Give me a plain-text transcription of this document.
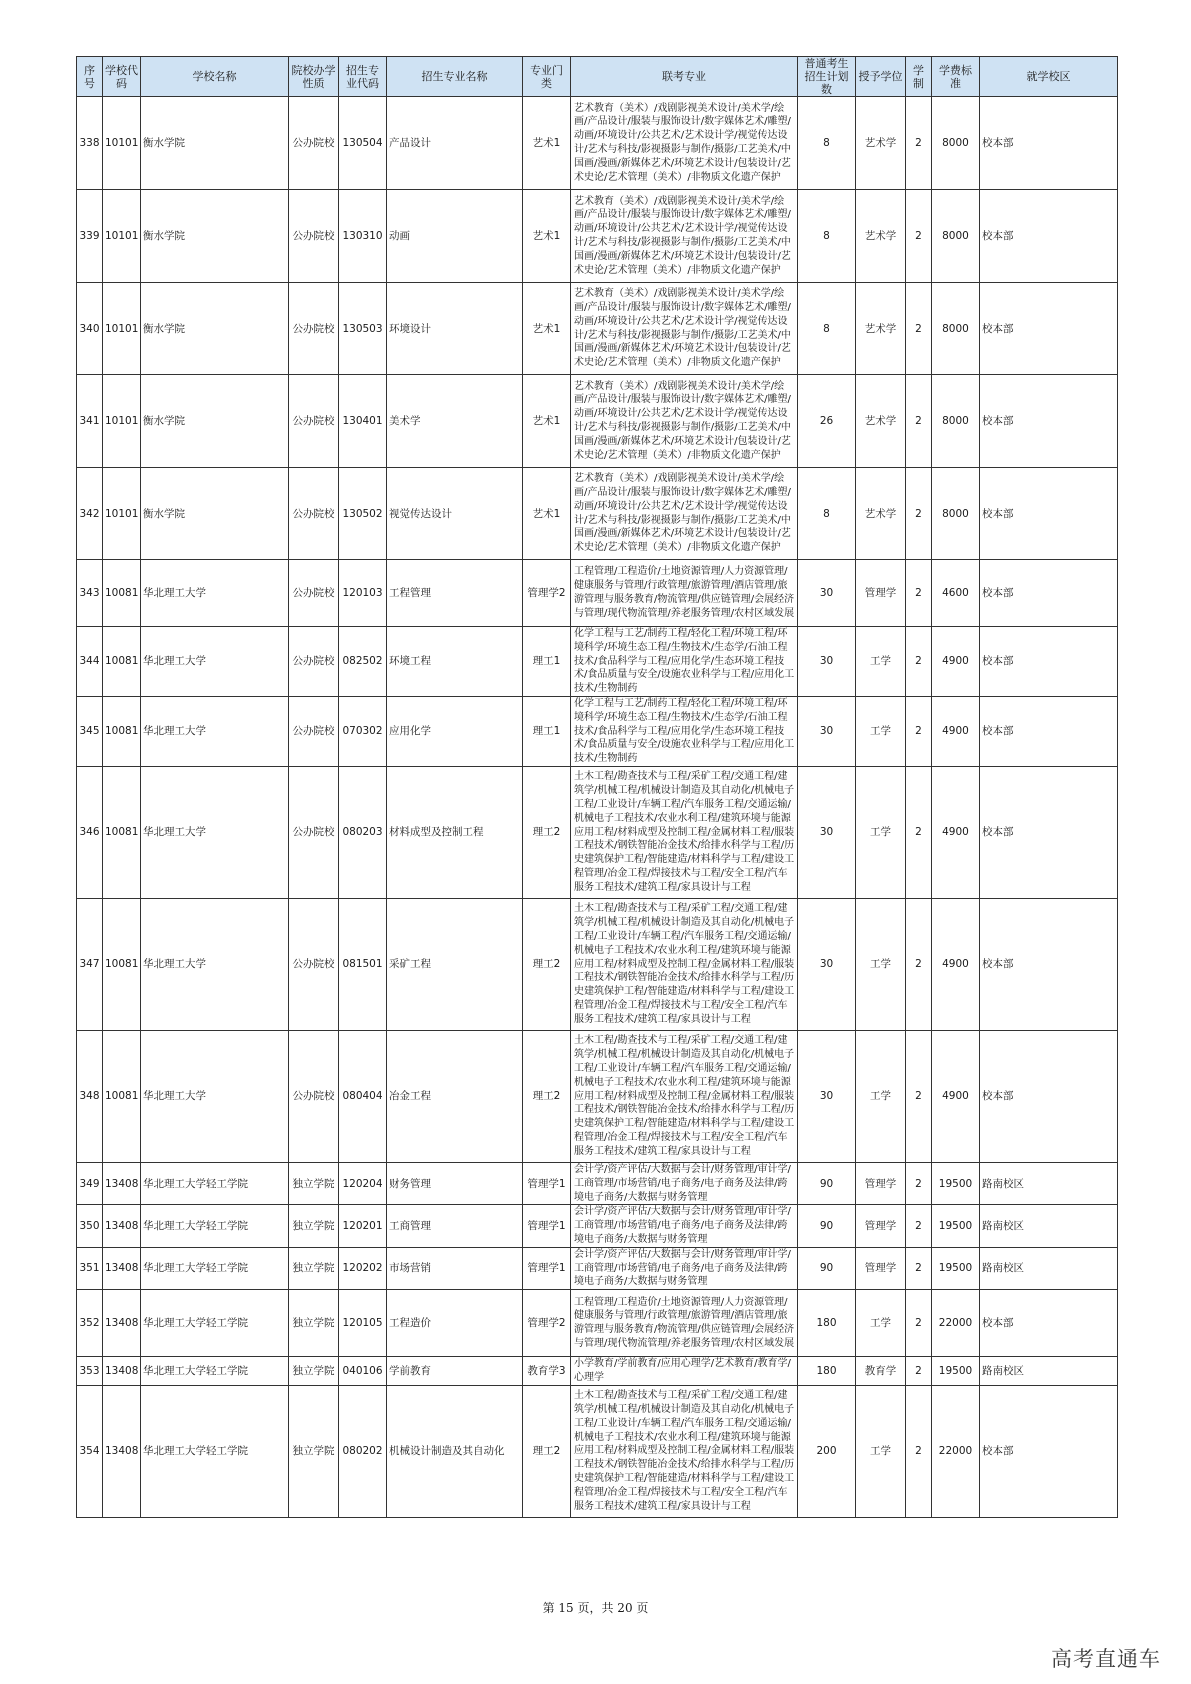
序号	学校代码	学校名称	院校办学性质	招生专业代码	招生专业名称	专业门类	联考专业	普通考生招生计划数	授予学位	学制	学费标准	就学校区
338	10101	衡水学院	公办院校	130504	产品设计	艺术1	艺术教育（美术）/戏剧影视美术设计/美术学/绘画/产品设计/服装与服饰设计/数字媒体艺术/雕塑/动画/环境设计/公共艺术/艺术设计学/视觉传达设计/艺术与科技/影视摄影与制作/摄影/工艺美术/中国画/漫画/新媒体艺术/环境艺术设计/包装设计/艺术史论/艺术管理（美术）/非物质文化遗产保护	8	艺术学	2	8000	校本部
339	10101	衡水学院	公办院校	130310	动画	艺术1	艺术教育（美术）/戏剧影视美术设计/美术学/绘画/产品设计/服装与服饰设计/数字媒体艺术/雕塑/动画/环境设计/公共艺术/艺术设计学/视觉传达设计/艺术与科技/影视摄影与制作/摄影/工艺美术/中国画/漫画/新媒体艺术/环境艺术设计/包装设计/艺术史论/艺术管理（美术）/非物质文化遗产保护	8	艺术学	2	8000	校本部
340	10101	衡水学院	公办院校	130503	环境设计	艺术1	艺术教育（美术）/戏剧影视美术设计/美术学/绘画/产品设计/服装与服饰设计/数字媒体艺术/雕塑/动画/环境设计/公共艺术/艺术设计学/视觉传达设计/艺术与科技/影视摄影与制作/摄影/工艺美术/中国画/漫画/新媒体艺术/环境艺术设计/包装设计/艺术史论/艺术管理（美术）/非物质文化遗产保护	8	艺术学	2	8000	校本部
341	10101	衡水学院	公办院校	130401	美术学	艺术1	艺术教育（美术）/戏剧影视美术设计/美术学/绘画/产品设计/服装与服饰设计/数字媒体艺术/雕塑/动画/环境设计/公共艺术/艺术设计学/视觉传达设计/艺术与科技/影视摄影与制作/摄影/工艺美术/中国画/漫画/新媒体艺术/环境艺术设计/包装设计/艺术史论/艺术管理（美术）/非物质文化遗产保护	26	艺术学	2	8000	校本部
342	10101	衡水学院	公办院校	130502	视觉传达设计	艺术1	艺术教育（美术）/戏剧影视美术设计/美术学/绘画/产品设计/服装与服饰设计/数字媒体艺术/雕塑/动画/环境设计/公共艺术/艺术设计学/视觉传达设计/艺术与科技/影视摄影与制作/摄影/工艺美术/中国画/漫画/新媒体艺术/环境艺术设计/包装设计/艺术史论/艺术管理（美术）/非物质文化遗产保护	8	艺术学	2	8000	校本部
343	10081	华北理工大学	公办院校	120103	工程管理	管理学2	工程管理/工程造价/土地资源管理/人力资源管理/健康服务与管理/行政管理/旅游管理/酒店管理/旅游管理与服务教育/物流管理/供应链管理/会展经济与管理/现代物流管理/养老服务管理/农村区域发展	30	管理学	2	4600	校本部
344	10081	华北理工大学	公办院校	082502	环境工程	理工1	化学工程与工艺/制药工程/轻化工程/环境工程/环境科学/环境生态工程/生物技术/生态学/石油工程技术/食品科学与工程/应用化学/生态环境工程技术/食品质量与安全/设施农业科学与工程/应用化工技术/生物制药	30	工学	2	4900	校本部
345	10081	华北理工大学	公办院校	070302	应用化学	理工1	化学工程与工艺/制药工程/轻化工程/环境工程/环境科学/环境生态工程/生物技术/生态学/石油工程技术/食品科学与工程/应用化学/生态环境工程技术/食品质量与安全/设施农业科学与工程/应用化工技术/生物制药	30	工学	2	4900	校本部
346	10081	华北理工大学	公办院校	080203	材料成型及控制工程	理工2	土木工程/勘查技术与工程/采矿工程/交通工程/建筑学/机械工程/机械设计制造及其自动化/机械电子工程/工业设计/车辆工程/汽车服务工程/交通运输/机械电子工程技术/农业水利工程/建筑环境与能源应用工程/材料成型及控制工程/金属材料工程/服装工程技术/钢铁智能冶金技术/给排水科学与工程/历史建筑保护工程/智能建造/材料科学与工程/建设工程管理/冶金工程/焊接技术与工程/安全工程/汽车服务工程技术/建筑工程/家具设计与工程	30	工学	2	4900	校本部
347	10081	华北理工大学	公办院校	081501	采矿工程	理工2	土木工程/勘查技术与工程/采矿工程/交通工程/建筑学/机械工程/机械设计制造及其自动化/机械电子工程/工业设计/车辆工程/汽车服务工程/交通运输/机械电子工程技术/农业水利工程/建筑环境与能源应用工程/材料成型及控制工程/金属材料工程/服装工程技术/钢铁智能冶金技术/给排水科学与工程/历史建筑保护工程/智能建造/材料科学与工程/建设工程管理/冶金工程/焊接技术与工程/安全工程/汽车服务工程技术/建筑工程/家具设计与工程	30	工学	2	4900	校本部
348	10081	华北理工大学	公办院校	080404	冶金工程	理工2	土木工程/勘查技术与工程/采矿工程/交通工程/建筑学/机械工程/机械设计制造及其自动化/机械电子工程/工业设计/车辆工程/汽车服务工程/交通运输/机械电子工程技术/农业水利工程/建筑环境与能源应用工程/材料成型及控制工程/金属材料工程/服装工程技术/钢铁智能冶金技术/给排水科学与工程/历史建筑保护工程/智能建造/材料科学与工程/建设工程管理/冶金工程/焊接技术与工程/安全工程/汽车服务工程技术/建筑工程/家具设计与工程	30	工学	2	4900	校本部
349	13408	华北理工大学轻工学院	独立学院	120204	财务管理	管理学1	会计学/资产评估/大数据与会计/财务管理/审计学/工商管理/市场营销/电子商务/电子商务及法律/跨境电子商务/大数据与财务管理	90	管理学	2	19500	路南校区
350	13408	华北理工大学轻工学院	独立学院	120201	工商管理	管理学1	会计学/资产评估/大数据与会计/财务管理/审计学/工商管理/市场营销/电子商务/电子商务及法律/跨境电子商务/大数据与财务管理	90	管理学	2	19500	路南校区
351	13408	华北理工大学轻工学院	独立学院	120202	市场营销	管理学1	会计学/资产评估/大数据与会计/财务管理/审计学/工商管理/市场营销/电子商务/电子商务及法律/跨境电子商务/大数据与财务管理	90	管理学	2	19500	路南校区
352	13408	华北理工大学轻工学院	独立学院	120105	工程造价	管理学2	工程管理/工程造价/土地资源管理/人力资源管理/健康服务与管理/行政管理/旅游管理/酒店管理/旅游管理与服务教育/物流管理/供应链管理/会展经济与管理/现代物流管理/养老服务管理/农村区域发展	180	工学	2	22000	校本部
353	13408	华北理工大学轻工学院	独立学院	040106	学前教育	教育学3	小学教育/学前教育/应用心理学/艺术教育/教育学/心理学	180	教育学	2	19500	路南校区
354	13408	华北理工大学轻工学院	独立学院	080202	机械设计制造及其自动化	理工2	土木工程/勘查技术与工程/采矿工程/交通工程/建筑学/机械工程/机械设计制造及其自动化/机械电子工程/工业设计/车辆工程/汽车服务工程/交通运输/机械电子工程技术/农业水利工程/建筑环境与能源应用工程/材料成型及控制工程/金属材料工程/服装工程技术/钢铁智能冶金技术/给排水科学与工程/历史建筑保护工程/智能建造/材料科学与工程/建设工程管理/冶金工程/焊接技术与工程/安全工程/汽车服务工程技术/建筑工程/家具设计与工程	200	工学	2	22000	校本部
第 15 页，共 20 页
高考直通车
